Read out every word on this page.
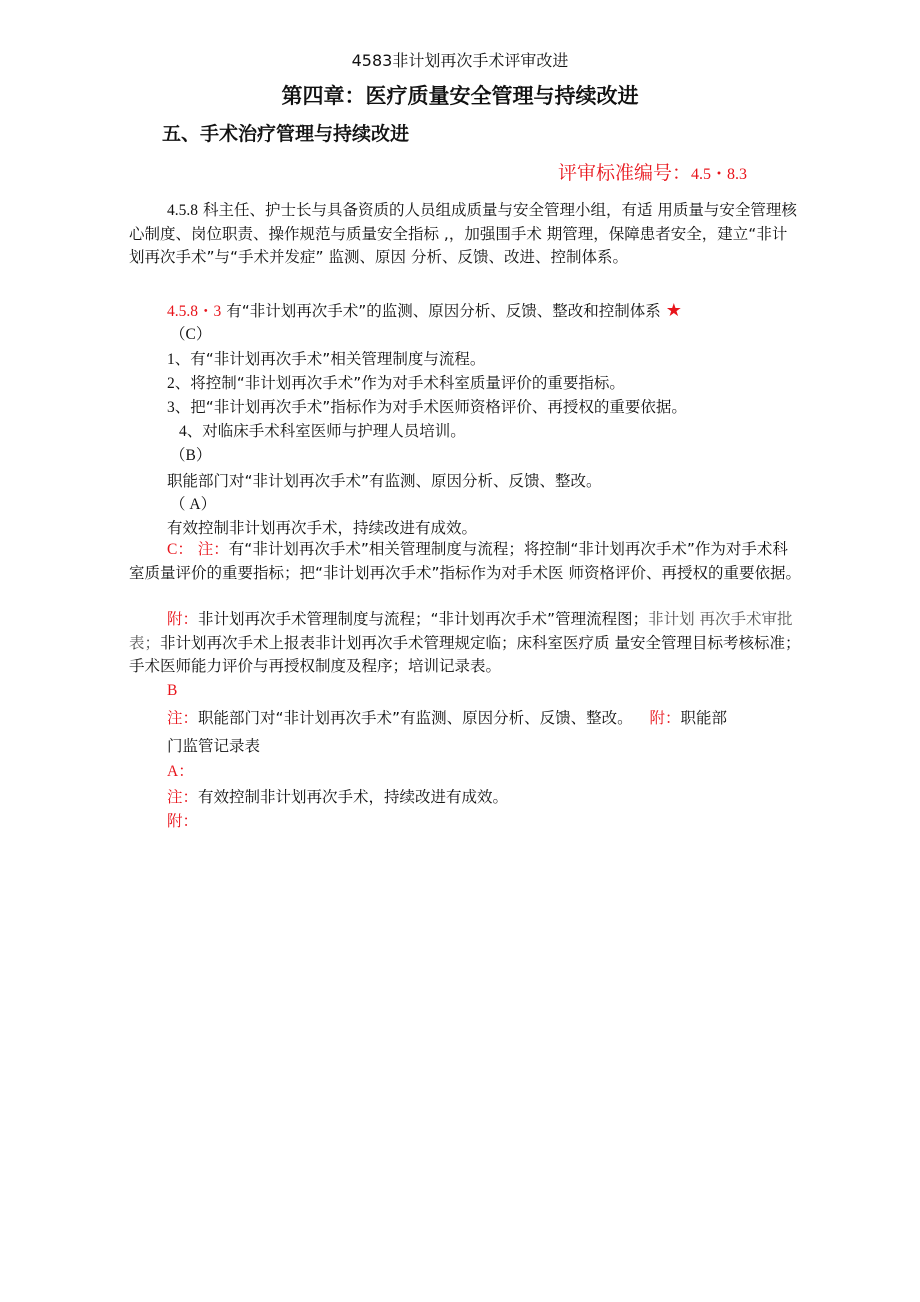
4583非计划再次手术评审改进
第四章：医疗质量安全管理与持续改进
五、手术治疗管理与持续改进
评审标准编号：4.5・8.3
4.5.8 科主任、护士长与具备资质的人员组成质量与安全管理小组，有适 用质量与安全管理核心制度、岗位职责、操作规范与质量安全指标 ,，加强围手术 期管理，保障患者安全，建立“非计划再次手术”与“手术并发症” 监测、原因 分析、反馈、改进、控制体系。
4.5.8・3 有“非计划再次手术”的监测、原因分析、反馈、整改和控制体系 ★
（C）
1、有“非计划再次手术”相关管理制度与流程。
2、将控制“非计划再次手术”作为对手术科室质量评价的重要指标。
3、把“非计划再次手术”指标作为对手术医师资格评价、再授权的重要依据。
4、对临床手术科室医师与护理人员培训。
（B）
职能部门对“非计划再次手术”有监测、原因分析、反馈、整改。
（ A）
有效控制非计划再次手术，持续改进有成效。
C： 注：有“非计划再次手术”相关管理制度与流程；将控制“非计划再次手术”作为对手术科室质量评价的重要指标；把“非计划再次手术”指标作为对手术医 师资格评价、再授权的重要依据。
附：非计划再次手术管理制度与流程；“非计划再次手术”管理流程图；非计划 再次手术审批表；非计划再次手术上报表非计划再次手术管理规定临；床科室医疗质 量安全管理目标考核标准；手术医师能力评价与再授权制度及程序；培训记录表。
B
注：职能部门对“非计划再次手术”有监测、原因分析、反馈、整改。 附：职能部
门监管记录表
A：
注：有效控制非计划再次手术，持续改进有成效。
附：
